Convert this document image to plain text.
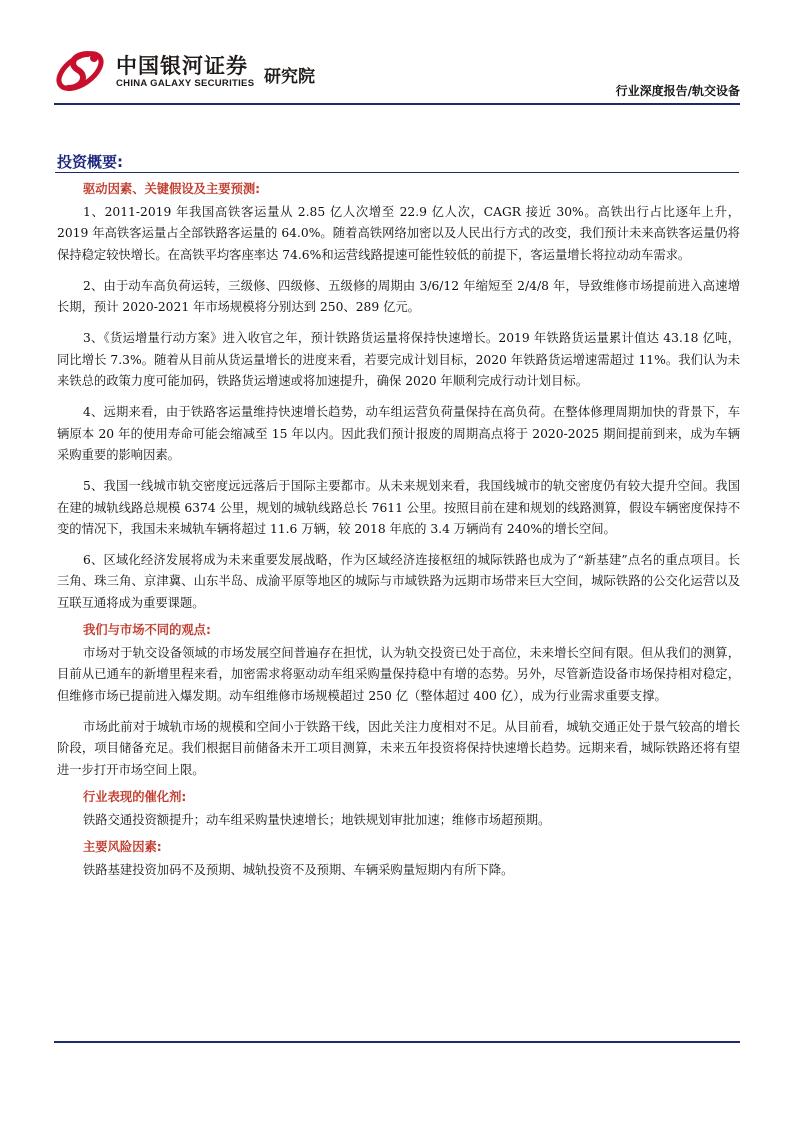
中国银河证券
CHINA GALAXY SECURITIES 研究院
行业深度报告/轨交设备
投资概要:
驱动因素、关键假设及主要预测:
1、2011-2019 年我国高铁客运量从 2.85 亿人次增至 22.9 亿人次，CAGR 接近 30%。高铁出行占比逐年上升，2019 年高铁客运量占全部铁路客运量的 64.0%。随着高铁网络加密以及人民出行方式的改变，我们预计未来高铁客运量仍将保持稳定较快增长。在高铁平均客座率达 74.6%和运营线路提速可能性较低的前提下，客运量增长将拉动动车需求。
2、由于动车高负荷运转，三级修、四级修、五级修的周期由 3/6/12 年缩短至 2/4/8 年，导致维修市场提前进入高速增长期，预计 2020-2021 年市场规模将分别达到 250、289 亿元。
3、《货运增量行动方案》进入收官之年，预计铁路货运量将保持快速增长。2019 年铁路货运量累计值达 43.18 亿吨，同比增长 7.3%。随着从目前从货运量增长的进度来看，若要完成计划目标，2020 年铁路货运增速需超过 11%。我们认为未来铁总的政策力度可能加码，铁路货运增速或将加速提升，确保 2020 年顺利完成行动计划目标。
4、远期来看，由于铁路客运量维持快速增长趋势，动车组运营负荷量保持在高负荷。在整体修理周期加快的背景下，车辆原本 20 年的使用寿命可能会缩减至 15 年以内。因此我们预计报废的周期高点将于 2020-2025 期间提前到来，成为车辆采购重要的影响因素。
5、我国一线城市轨交密度远远落后于国际主要都市。从未来规划来看，我国线城市的轨交密度仍有较大提升空间。我国在建的城轨线路总规模 6374 公里，规划的城轨线路总长 7611 公里。按照目前在建和规划的线路测算，假设车辆密度保持不变的情况下，我国未来城轨车辆将超过 11.6 万辆，较 2018 年底的 3.4 万辆尚有 240%的增长空间。
6、区域化经济发展将成为未来重要发展战略，作为区域经济连接枢纽的城际铁路也成为了“新基建”点名的重点项目。长三角、珠三角、京津冀、山东半岛、成渝平原等地区的城际与市域铁路为远期市场带来巨大空间，城际铁路的公交化运营以及互联互通将成为重要课题。
我们与市场不同的观点:
市场对于轨交设备领域的市场发展空间普遍存在担忧，认为轨交投资已处于高位，未来增长空间有限。但从我们的测算，目前从已通车的新增里程来看，加密需求将驱动动车组采购量保持稳中有增的态势。另外，尽管新造设备市场保持相对稳定，但维修市场已提前进入爆发期。动车组维修市场规模超过 250 亿（整体超过 400 亿），成为行业需求重要支撑。
市场此前对于城轨市场的规模和空间小于铁路干线，因此关注力度相对不足。从目前看，城轨交通正处于景气较高的增长阶段，项目储备充足。我们根据目前储备未开工项目测算，未来五年投资将保持快速增长趋势。远期来看，城际铁路还将有望进一步打开市场空间上限。
行业表现的催化剂:
铁路交通投资额提升；动车组采购量快速增长；地铁规划审批加速；维修市场超预期。
主要风险因素:
铁路基建投资加码不及预期、城轨投资不及预期、车辆采购量短期内有所下降。
